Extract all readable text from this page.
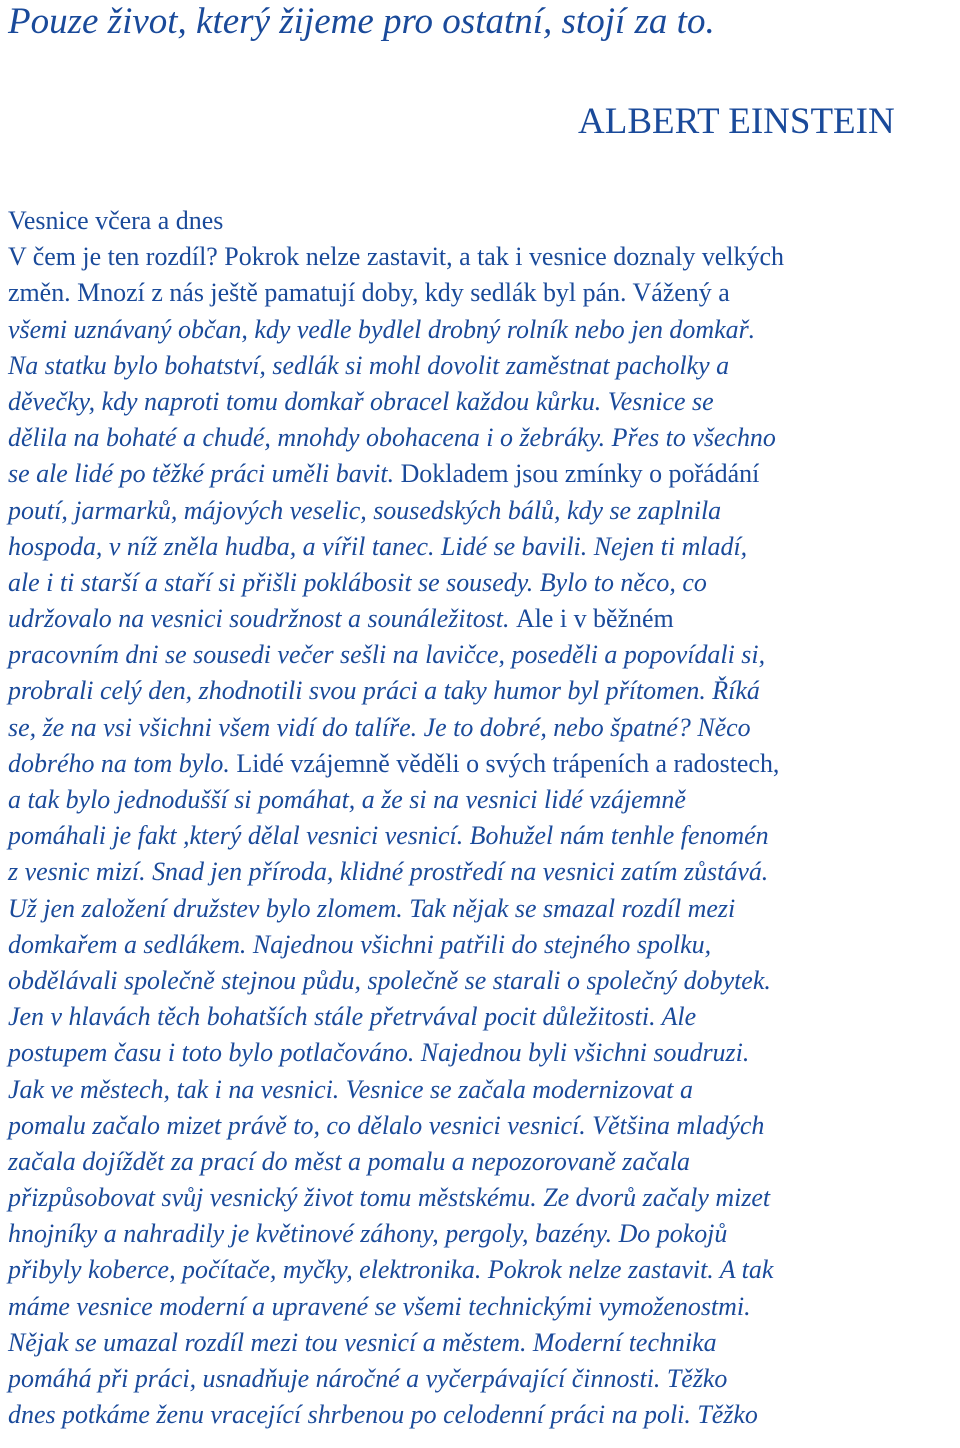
Pouze život, který žijeme pro ostatní, stojí za to.
ALBERT EINSTEIN
Vesnice včera a dnes
V čem je ten rozdíl? Pokrok nelze zastavit, a tak i vesnice doznaly velkých
změn. Mnozí z nás ještě pamatují doby, kdy sedlák byl pán. Vážený a
všemi uznávaný občan, kdy vedle bydlel drobný rolník nebo jen domkař.
Na statku bylo bohatství, sedlák si mohl dovolit zaměstnat pacholky a
děvečky, kdy naproti tomu domkař obracel každou kůrku. Vesnice se
dělila na bohaté a chudé, mnohdy obohacena i o žebráky. Přes to všechno
se ale lidé po těžké práci uměli bavit. Dokladem jsou zmínky o pořádání
poutí, jarmarků, májových veselic, sousedských bálů, kdy se zaplnila
hospoda, v níž zněla hudba, a vířil tanec. Lidé se bavili. Nejen ti mladí,
ale i ti starší a staří si přišli poklábosit se sousedy. Bylo to něco, co
udržovalo na vesnici soudržnost a sounáležitost. Ale i v běžném
pracovním dni se sousedi večer sešli na lavičce, poseděli a popovídali si,
probrali celý den, zhodnotili svou práci a taky humor byl přítomen. Říká
se, že na vsi všichni všem vidí do talíře. Je to dobré, nebo špatné? Něco
dobrého na tom bylo. Lidé vzájemně věděli o svých trápeních a radostech,
a tak bylo jednodušší si pomáhat, a že si na vesnici lidé vzájemně
pomáhali je fakt ,který dělal vesnici vesnicí. Bohužel nám tenhle fenomén
z vesnic mizí. Snad jen příroda, klidné prostředí na vesnici zatím zůstává.
Už jen založení družstev bylo zlomem. Tak nějak se smazal rozdíl mezi
domkařem a sedlákem. Najednou všichni patřili do stejného spolku,
obdělávali společně stejnou půdu, společně se starali o společný dobytek.
Jen v hlavách těch bohatších stále přetrvával pocit důležitosti. Ale
postupem času i toto bylo potlačováno. Najednou byli všichni soudruzi.
Jak ve městech, tak i na vesnici. Vesnice se začala modernizovat a
pomalu začalo mizet právě to, co dělalo vesnici vesnicí. Většina mladých
začala dojíždět za prací do měst a pomalu a nepozorovaně začala
přizpůsobovat svůj vesnický život tomu městskému. Ze dvorů začaly mizet
hnojníky a nahradily je květinové záhony, pergoly, bazény. Do pokojů
přibyly koberce, počítače, myčky, elektronika. Pokrok nelze zastavit. A tak
máme vesnice moderní a upravené se všemi technickými vymoženostmi.
Nějak se umazal rozdíl mezi tou vesnicí a městem. Moderní technika
pomáhá při práci, usnadňuje náročné a vyčerpávající činnosti. Těžko
dnes potkáme ženu vracející shrbenou po celodenní práci na poli. Těžko
